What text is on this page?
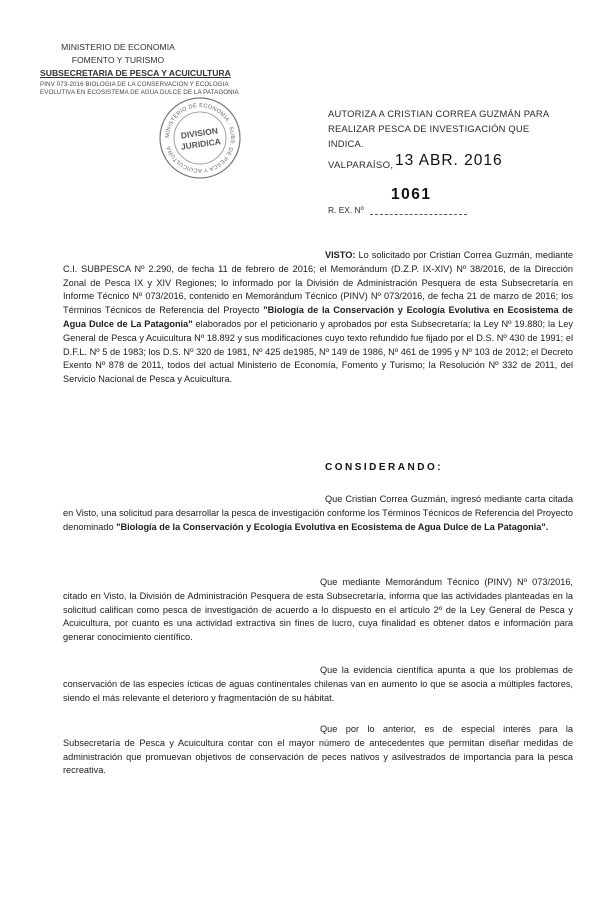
MINISTERIO DE ECONOMIA
FOMENTO Y TURISMO
SUBSECRETARIA DE PESCA Y ACUICULTURA
PINV 073-2016 BIOLOGIA DE LA CONSERVACION Y ECOLOGIA
EVOLUTIVA EN ECOSISTEMA DE AGUA DULCE DE LA PATAGONIA
MINISTERIO DE ECONOMIA · SUBS. DE PESCA Y ACUICULTURA
DIVISION
JURIDICA
AUTORIZA A CRISTIAN CORREA GUZMÁN PARA REALIZAR PESCA DE INVESTIGACIÓN QUE INDICA.
VALPARAÍSO, 13 ABR. 2016
1061
R. EX. Nº
VISTO: Lo solicitado por Cristian Correa Guzmán, mediante C.I. SUBPESCA Nº 2.290, de fecha 11 de febrero de 2016; el Memorándum (D.Z.P. IX-XIV) Nº 38/2016, de la Dirección Zonal de Pesca IX y XIV Regiones; lo informado por la División de Administración Pesquera de esta Subsecretaría en Informe Técnico Nº 073/2016, contenido en Memorándum Técnico (PINV) Nº 073/2016, de fecha 21 de marzo de 2016; los Términos Técnicos de Referencia del Proyecto "Biología de la Conservación y Ecología Evolutiva en Ecosistema de Agua Dulce de La Patagonia" elaborados por el peticionario y aprobados por esta Subsecretaría; la Ley Nº 19.880; la Ley General de Pesca y Acuicultura Nº 18.892 y sus modificaciones cuyo texto refundido fue fijado por el D.S. Nº 430 de 1991; el D.F.L. Nº 5 de 1983; los D.S. Nº 320 de 1981, Nº 425 de1985, Nº 149 de 1986, Nº 461 de 1995 y Nº 103 de 2012; el Decreto Exento Nº 878 de 2011, todos del actual Ministerio de Economía, Fomento y Turismo; la Resolución Nº 332 de 2011, del Servicio Nacional de Pesca y Acuicultura.
CONSIDERANDO:
Que Cristian Correa Guzmán, ingresó mediante carta citada en Visto, una solicitud para desarrollar la pesca de investigación conforme los Términos Técnicos de Referencia del Proyecto denominado "Biología de la Conservación y Ecología Evolutiva en Ecosistema de Agua Dulce de La Patagonia".
Que mediante Memorándum Técnico (PINV) Nº 073/2016, citado en Visto, la División de Administración Pesquera de esta Subsecretaría, informa que las actividades planteadas en la solicitud califican como pesca de investigación de acuerdo a lo dispuesto en el artículo 2º de la Ley General de Pesca y Acuicultura, por cuanto es una actividad extractiva sin fines de lucro, cuya finalidad es obtener datos e información para generar conocimiento científico.
Que la evidencia científica apunta a que los problemas de conservación de las especies ícticas de aguas continentales chilenas van en aumento lo que se asocia a múltiples factores, siendo el más relevante el deterioro y fragmentación de su hábitat.
Que por lo anterior, es de especial interés para la Subsecretaría de Pesca y Acuicultura contar con el mayor número de antecedentes que permitan diseñar medidas de administración que promuevan objetivos de conservación de peces nativos y asilvestrados de importancia para la pesca recreativa.
